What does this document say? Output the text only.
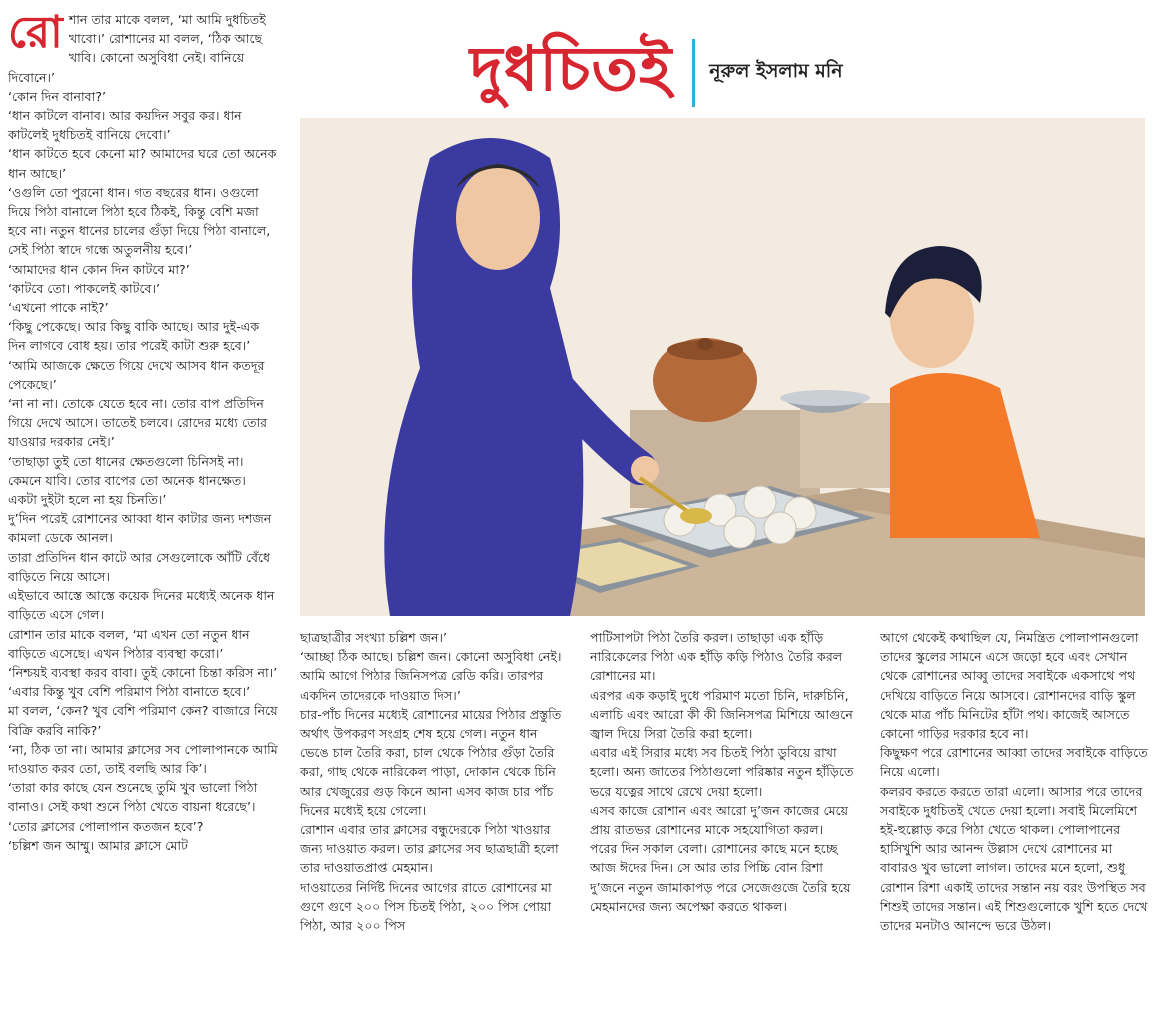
দুধচিতই নূরুল ইসলাম মনি

রোশান তার মাকে বলল, ‘মা আমি দুধচিতই খাবো।’ রোশানের মা বলল, ‘ঠিক আছে খাবি। কোনো অসুবিধা নেই। বানিয়ে দিবোনে।’

‘কোন দিন বানাবা?’

‘ধান কাটলে বানাব। আর কয়দিন সবুর কর। ধান কাটলেই দুধচিতই বানিয়ে দেবো।’

‘ধান কাটতে হবে কেনো মা? আমাদের ঘরে তো অনেক ধান আছে।’

‘ওগুলি তো পুরনো ধান। গত বছরের ধান। ওগুলো দিয়ে পিঠা বানালে পিঠা হবে ঠিকই, কিন্তু বেশি মজা হবে না। নতুন ধানের চালের গুঁড়া দিয়ে পিঠা বানালে, সেই পিঠা স্বাদে গন্ধে অতুলনীয় হবে।’

‘আমাদের ধান কোন দিন কাটবে মা?’

‘কাটবে তো। পাকলেই কাটবে।’

‘এখনো পাকে নাই?’

‘কিছু পেকেছে। আর কিছু বাকি আছে। আর দুই-এক দিন লাগবে বোধ হয়। তার পরেই কাটা শুরু হবে।’

‘আমি আজকে ক্ষেতে গিয়ে দেখে আসব ধান কতদূর পেকেছে।’

‘না না না। তোকে যেতে হবে না। তোর বাপ প্রতিদিন গিয়ে দেখে আসে। তাতেই চলবে। রোদের মধ্যে তোর যাওয়ার দরকার নেই।’

‘তাছাড়া তুই তো ধানের ক্ষেতগুলো চিনিসই না। কেমনে যাবি। তোর বাপের তো অনেক ধানক্ষেত। একটা দুইটা হলে না হয় চিনতি।’

দু’দিন পরেই রোশানের আব্বা ধান কাটার জন্য দশজন কামলা ডেকে আনল।

তারা প্রতিদিন ধান কাটে আর সেগুলোকে আঁটি বেঁধে বাড়িতে নিয়ে আসে।

এইভাবে আস্তে আস্তে কয়েক দিনের মধ্যেই অনেক ধান বাড়িতে এসে গেল।

রোশান তার মাকে বলল, ‘মা এখন তো নতুন ধান বাড়িতে এসেছে। এখন পিঠার ব্যবস্থা করো।’

‘নিশ্চয়ই ব্যবস্থা করব বাবা। তুই কোনো চিন্তা করিস না।’

‘এবার কিন্তু খুব বেশি পরিমাণ পিঠা বানাতে হবে।’

মা বলল, ‘কেন? খুব বেশি পরিমাণ কেন? বাজারে নিয়ে বিক্রি করবি নাকি?’

‘না, ঠিক তা না। আমার ক্লাসের সব পোলাপানকে আমি দাওয়াত করব তো, তাই বলছি আর কি’।

‘তারা কার কাছে যেন শুনেছে তুমি খুব ভালো পিঠা বানাও। সেই কথা শুনে পিঠা খেতে বায়না ধরেছে’।

‘তোর ক্লাসের পোলাপান কতজন হবে’?

‘চল্লিশ জন আম্মু। আমার ক্লাসে মোট

ছাত্রছাত্রীর সংখ্যা চল্লিশ জন।’

‘আচ্ছা ঠিক আছে। চল্লিশ জন। কোনো অসুবিধা নেই। আমি আগে পিঠার জিনিসপত্র রেডি করি। তারপর একদিন তাদেরকে দাওয়াত দিস।’

চার-পাঁচ দিনের মধ্যেই রোশানের মায়ের পিঠার প্রস্তুতি অর্থাৎ উপকরণ সংগ্রহ শেষ হয়ে গেল। নতুন ধান ভেঙে চাল তৈরি করা, চাল থেকে পিঠার গুঁড়া তৈরি করা, গাছ থেকে নারিকেল পাড়া, দোকান থেকে চিনি আর খেজুরের গুড় কিনে আনা এসব কাজ চার পাঁচ দিনের মধ্যেই হয়ে গেলো।

রোশান এবার তার ক্লাসের বন্ধুদেরকে পিঠা খাওয়ার জন্য দাওয়াত করল। তার ক্লাসের সব ছাত্রছাত্রী হলো তার দাওয়াতপ্রাপ্ত মেহমান।

দাওয়াতের নির্দিষ্ট দিনের আগের রাতে রোশানের মা গুণে গুণে ২০০ পিস চিতই পিঠা, ২০০ পিস পোয়া পিঠা, আর ২০০ পিস

পাটিসাপটা পিঠা তৈরি করল। তাছাড়া এক হাঁড়ি নারিকেলের পিঠা এক হাঁড়ি কড়ি পিঠাও তৈরি করল রোশানের মা।

এরপর এক কড়াই দুধে পরিমাণ মতো চিনি, দারুচিনি, এলাচি এবং আরো কী কী জিনিসপত্র মিশিয়ে আগুনে জ্বাল দিয়ে সিরা তৈরি করা হলো।

এবার এই সিরার মধ্যে সব চিতই পিঠা ডুবিয়ে রাখা হলো। অন্য জাতের পিঠাগুলো পরিষ্কার নতুন হাঁড়িতে ভরে যত্নের সাথে রেখে দেয়া হলো।

এসব কাজে রোশান এবং আরো দু’জন কাজের মেয়ে প্রায় রাতভর রোশানের মাকে সহযোগিতা করল।

পরের দিন সকাল বেলা। রোশানের কাছে মনে হচ্ছে আজ ঈদের দিন। সে আর তার পিচ্চি বোন রিশা দু’জনে নতুন জামাকাপড় পরে সেজেগুজে তৈরি হয়ে মেহমানদের জন্য অপেক্ষা করতে থাকল।

আগে থেকেই কথাছিল যে, নিমন্ত্রিত পোলাপানগুলো তাদের স্কুলের সামনে এসে জড়ো হবে এবং সেখান থেকে রোশানের আব্বু তাদের সবাইকে একসাথে পথ দেখিয়ে বাড়িতে নিয়ে আসবে। রোশানদের বাড়ি স্কুল থেকে মাত্র পাঁচ মিনিটের হাঁটা পথ। কাজেই আসতে কোনো গাড়ির দরকার হবে না।

কিছুক্ষণ পরে রোশানের আব্বা তাদের সবাইকে বাড়িতে নিয়ে এলো।

কলরব করতে করতে তারা এলো। আসার পরে তাদের সবাইকে দুধচিতই খেতে দেয়া হলো। সবাই মিলেমিশে হই-হুল্লোড় করে পিঠা খেতে থাকল। পোলাপানের হাসিখুশি আর আনন্দ উল্লাস দেখে রোশানের মা বাবারও খুব ভালো লাগল। তাদের মনে হলো, শুধু রোশান রিশা একাই তাদের সন্তান নয় বরং উপস্থিত সব শিশুই তাদের সন্তান। এই শিশুগুলোকে খুশি হতে দেখে তাদের মনটাও আনন্দে ভরে উঠল।
